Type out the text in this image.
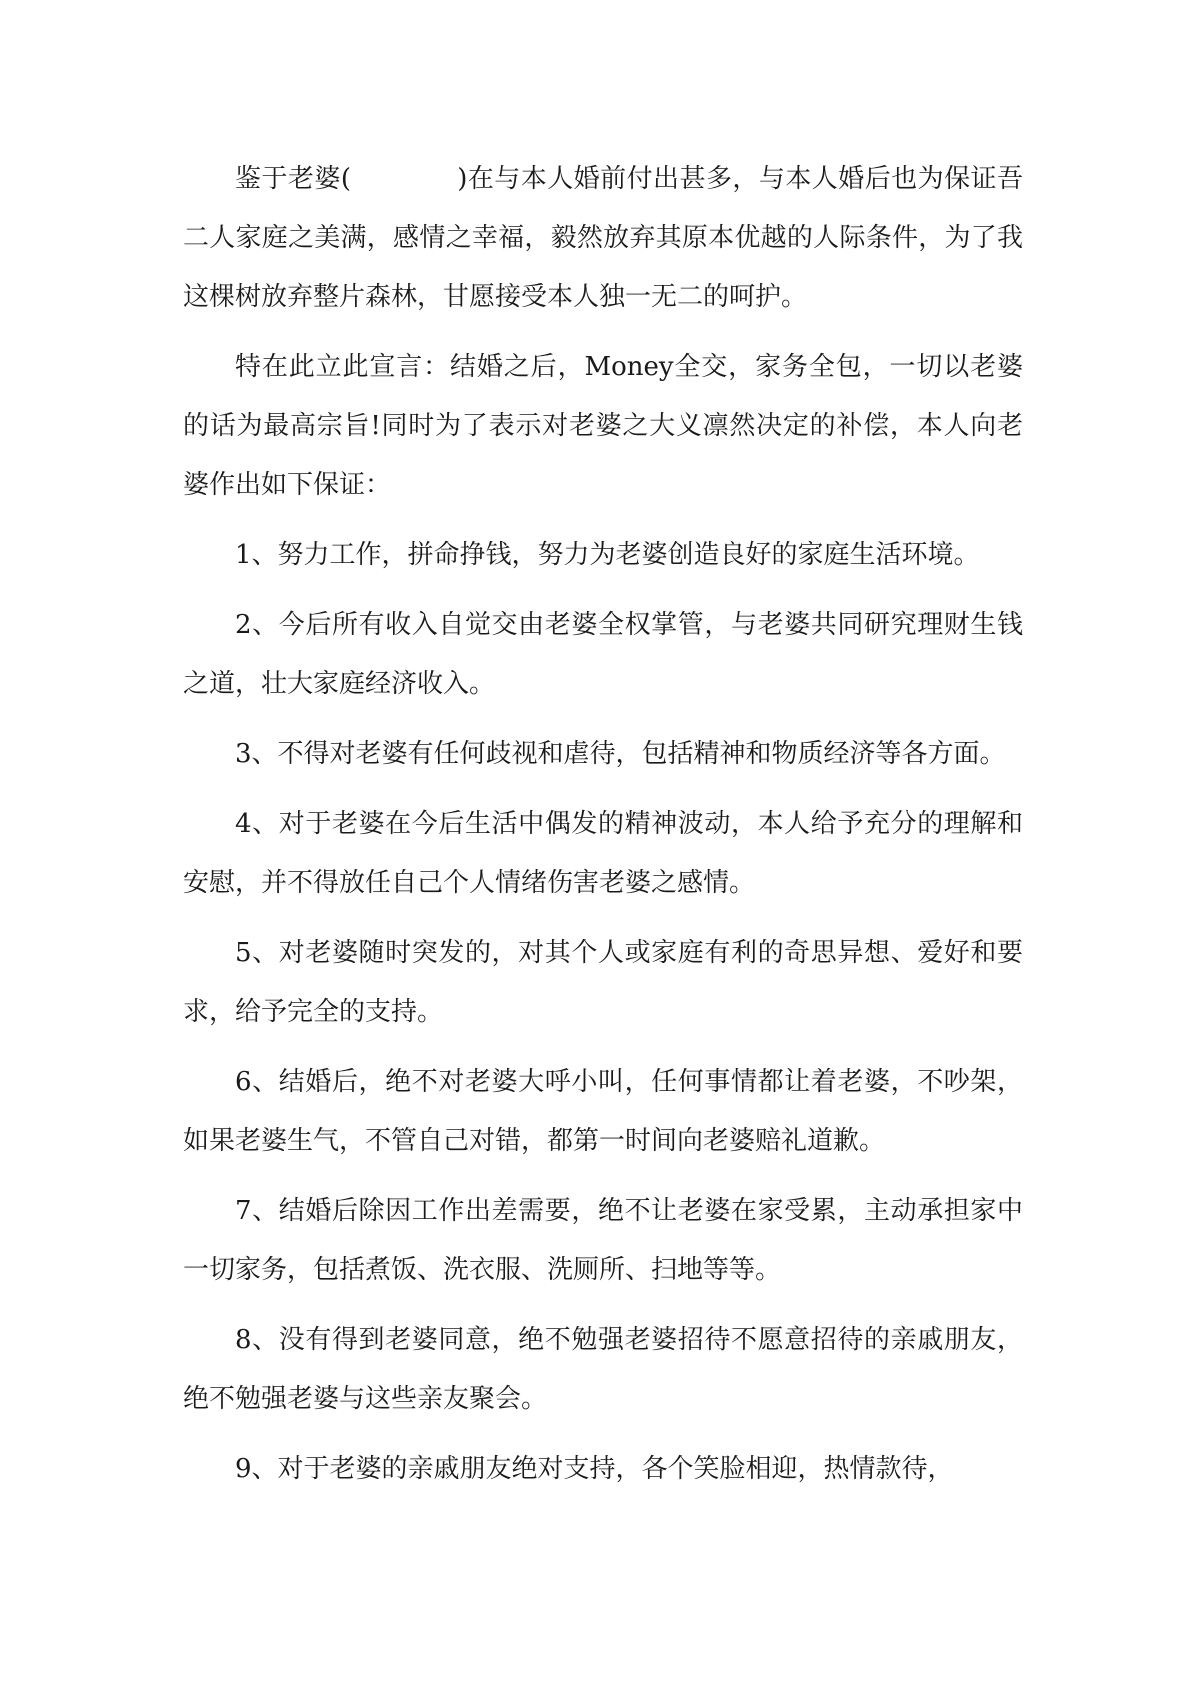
鉴于老婆(　　　　)在与本人婚前付出甚多，与本人婚后也为保证吾二人家庭之美满，感情之幸福，毅然放弃其原本优越的人际条件，为了我这棵树放弃整片森林，甘愿接受本人独一无二的呵护。

特在此立此宣言：结婚之后，Money全交，家务全包，一切以老婆的话为最高宗旨!同时为了表示对老婆之大义凛然决定的补偿，本人向老婆作出如下保证：

1、努力工作，拼命挣钱，努力为老婆创造良好的家庭生活环境。

2、今后所有收入自觉交由老婆全权掌管，与老婆共同研究理财生钱之道，壮大家庭经济收入。

3、不得对老婆有任何歧视和虐待，包括精神和物质经济等各方面。

4、对于老婆在今后生活中偶发的精神波动，本人给予充分的理解和安慰，并不得放任自己个人情绪伤害老婆之感情。

5、对老婆随时突发的，对其个人或家庭有利的奇思异想、爱好和要求，给予完全的支持。

6、结婚后，绝不对老婆大呼小叫，任何事情都让着老婆，不吵架，如果老婆生气，不管自己对错，都第一时间向老婆赔礼道歉。

7、结婚后除因工作出差需要，绝不让老婆在家受累，主动承担家中一切家务，包括煮饭、洗衣服、洗厕所、扫地等等。

8、没有得到老婆同意，绝不勉强老婆招待不愿意招待的亲戚朋友，绝不勉强老婆与这些亲友聚会。

9、对于老婆的亲戚朋友绝对支持，各个笑脸相迎，热情款待，
